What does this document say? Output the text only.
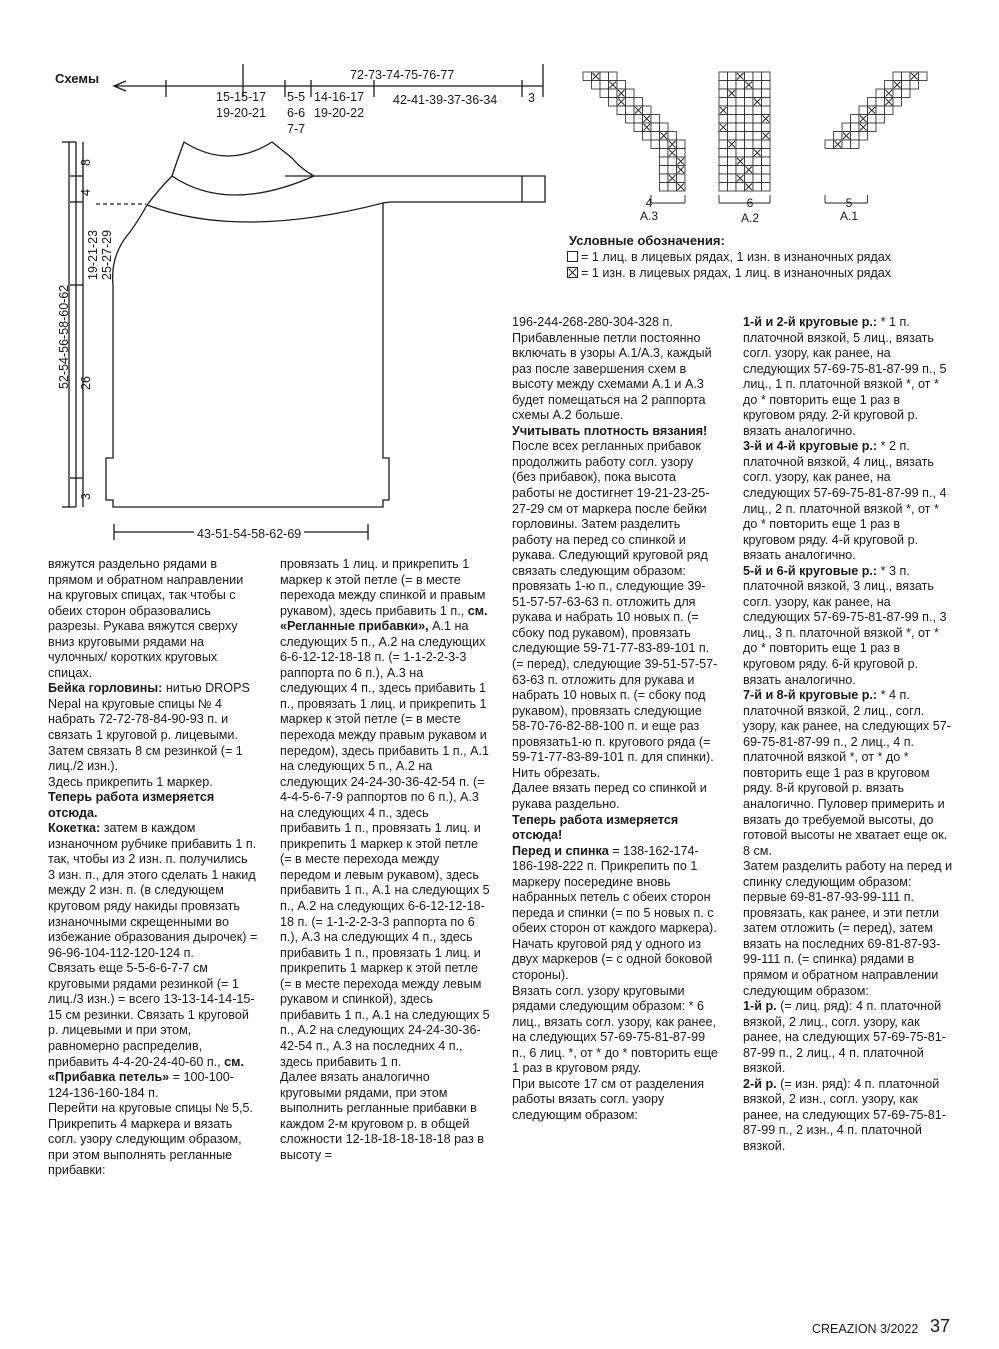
Схемы	72-73-74-75-76-77
15-15-17
19-20-21
5-5
6-6
7-7
14-16-17
19-20-22
42-41-39-37-36-34 3
43-51-54-58-62-69
8
4
19-21-23 25-27-29
52-54-56-58-60-62 26
3
4
A.3
6
A.2
5
A.1
Условные обозначения:
= 1 лиц. в лицевых рядах, 1 изн. в изнаночных рядах
= 1 изн. в лицевых рядах, 1 лиц. в изнаночных рядах

вяжутся раздельно рядами в прямом и обратном направлении на круговых спицах, так чтобы с обеих сторон образовались разрезы. Рукава вяжутся сверху вниз круговыми рядами на чулочных/ коротких круговых спицах.

Бейка горловины: нитью DROPS Nepal на круговые спицы № 4 набрать 72-72-78-84-90-93 п. и связать 1 круговой р. лицевыми.

Затем связать 8 см резинкой (= 1 лиц./2 изн.).

Здесь прикрепить 1 маркер.

Теперь работа измеряется отсюда.

Кокетка: затем в каждом изнаночном рубчике прибавить 1 п. так, чтобы из 2 изн. п. получились 3 изн. п., для этого сделать 1 накид между 2 изн. п. (в следующем круговом ряду накиды провязать изнаночными скрещенными во избежание образования дырочек) = 96-96-104-112-120-124 п.

Связать еще 5-5-6-6-7-7 см круговыми рядами резинкой (= 1 лиц./3 изн.) = всего 13-13-14-14-15-15 см резинки. Связать 1 круговой р. лицевыми и при этом, равномерно распределив, прибавить 4-4-20-24-40-60 п., см. «Прибавка петель» = 100-100-124-136-160-184 п.

Перейти на круговые спицы № 5,5.

Прикрепить 4 маркера и вязать согл. узору следующим образом, при этом выполнять регланные прибавки:

провязать 1 лиц. и прикрепить 1 маркер к этой петле (= в месте перехода между спинкой и правым рукавом), здесь прибавить 1 п., см. «Регланные прибавки», A.1 на следующих 5 п., A.2 на следующих 6-6-12-12-18-18 п. (= 1-1-2-2-3-3 раппорта по 6 п.), A.3 на следующих 4 п., здесь прибавить 1 п., провязать 1 лиц. и прикрепить 1 маркер к этой петле (= в месте перехода между правым рукавом и передом), здесь прибавить 1 п., A.1 на следующих 5 п., A.2 на следующих 24-24-30-36-42-54 п. (= 4-4-5-6-7-9 раппортов по 6 п.), A.3 на следующих 4 п., здесь прибавить 1 п., провязать 1 лиц. и прикрепить 1 маркер к этой петле (= в месте перехода между передом и левым рукавом), здесь прибавить 1 п., A.1 на следующих 5 п., A.2 на следующих 6-6-12-12-18-18 п. (= 1-1-2-2-3-3 раппорта по 6 п.), A.3 на следующих 4 п., здесь прибавить 1 п., провязать 1 лиц. и прикрепить 1 маркер к этой петле (= в месте перехода между левым рукавом и спинкой), здесь прибавить 1 п., A.1 на следующих 5 п., A.2 на следующих 24-24-30-36-42-54 п., A.3 на последних 4 п., здесь прибавить 1 п.

Далее вязать аналогично круговыми рядами, при этом выполнить регланные прибавки в каждом 2-м круговом р. в общей сложности 12-18-18-18-18-18 раз в высоту =

196-244-268-280-304-328 п. Прибавленные петли постоянно включать в узоры A.1/A.3, каждый раз после завершения схем в высоту между схемами A.1 и A.3 будет помещаться на 2 раппорта схемы A.2 больше.

Учитывать плотность вязания!

После всех регланных прибавок продолжить работу согл. узору (без прибавок), пока высота работы не достигнет 19-21-23-25-27-29 см от маркера после бейки горловины. Затем разделить работу на перед со спинкой и рукава. Следующий круговой ряд связать следующим образом: провязать 1-ю п., следующие 39-51-57-57-63-63 п. отложить для рукава и набрать 10 новых п. (= сбоку под рукавом), провязать следующие 59-71-77-83-89-101 п. (= перед), следующие 39-51-57-57-63-63 п. отложить для рукава и набрать 10 новых п. (= сбоку под рукавом), провязать следующие 58-70-76-82-88-100 п. и еще раз провязать1-ю п. кругового ряда (= 59-71-77-83-89-101 п. для спинки). Нить обрезать.

Далее вязать перед со спинкой и рукава раздельно.

Теперь работа измеряется отсюда!

Перед и спинка = 138-162-174-186-198-222 п. Прикрепить по 1 маркеру посередине вновь набранных петель с обеих сторон переда и спинки (= по 5 новых п. с обеих сторон от каждого маркера).

Начать круговой ряд у одного из двух маркеров (= с одной боковой стороны).

Вязать согл. узору круговыми рядами следующим образом: * 6 лиц., вязать согл. узору, как ранее, на следующих 57-69-75-81-87-99 п., 6 лиц. *, от * до * повторить еще 1 раз в круговом ряду.

При высоте 17 см от разделения работы вязать согл. узору следующим образом:

1-й и 2-й круговые р.: * 1 п. платочной вязкой, 5 лиц., вязать согл. узору, как ранее, на следующих 57-69-75-81-87-99 п., 5 лиц., 1 п. платочной вязкой *, от * до * повторить еще 1 раз в круговом ряду. 2-й круговой р. вязать аналогично.

3-й и 4-й круговые р.: * 2 п. платочной вязкой, 4 лиц., вязать согл. узору, как ранее, на следующих 57-69-75-81-87-99 п., 4 лиц., 2 п. платочной вязкой *, от * до * повторить еще 1 раз в круговом ряду. 4-й круговой р. вязать аналогично.

5-й и 6-й круговые р.: * 3 п. платочной вязкой, 3 лиц., вязать согл. узору, как ранее, на следующих 57-69-75-81-87-99 п., 3 лиц., 3 п. платочной вязкой *, от * до * повторить еще 1 раз в круговом ряду. 6-й круговой р. вязать аналогично.

7-й и 8-й круговые р.: * 4 п. платочной вязкой, 2 лиц., согл. узору, как ранее, на следующих 57-69-75-81-87-99 п., 2 лиц., 4 п. платочной вязкой *, от * до * повторить еще 1 раз в круговом ряду. 8-й круговой р. вязать аналогично. Пуловер примерить и вязать до требуемой высоты, до готовой высоты не хватает еще ок. 8 см.

Затем разделить работу на перед и спинку следующим образом: первые 69-81-87-93-99-111 п. провязать, как ранее, и эти петли затем отложить (= перед), затем вязать на последних 69-81-87-93-99-111 п. (= спинка) рядами в прямом и обратном направлении следующим образом:

1-й р. (= лиц. ряд): 4 п. платочной вязкой, 2 лиц., согл. узору, как ранее, на следующих 57-69-75-81-87-99 п., 2 лиц., 4 п. платочной вязкой.

2-й р. (= изн. ряд): 4 п. платочной вязкой, 2 изн., согл. узору, как ранее, на следующих 57-69-75-81-87-99 п., 2 изн., 4 п. платочной вязкой.

CREAZION 3/2022 37
